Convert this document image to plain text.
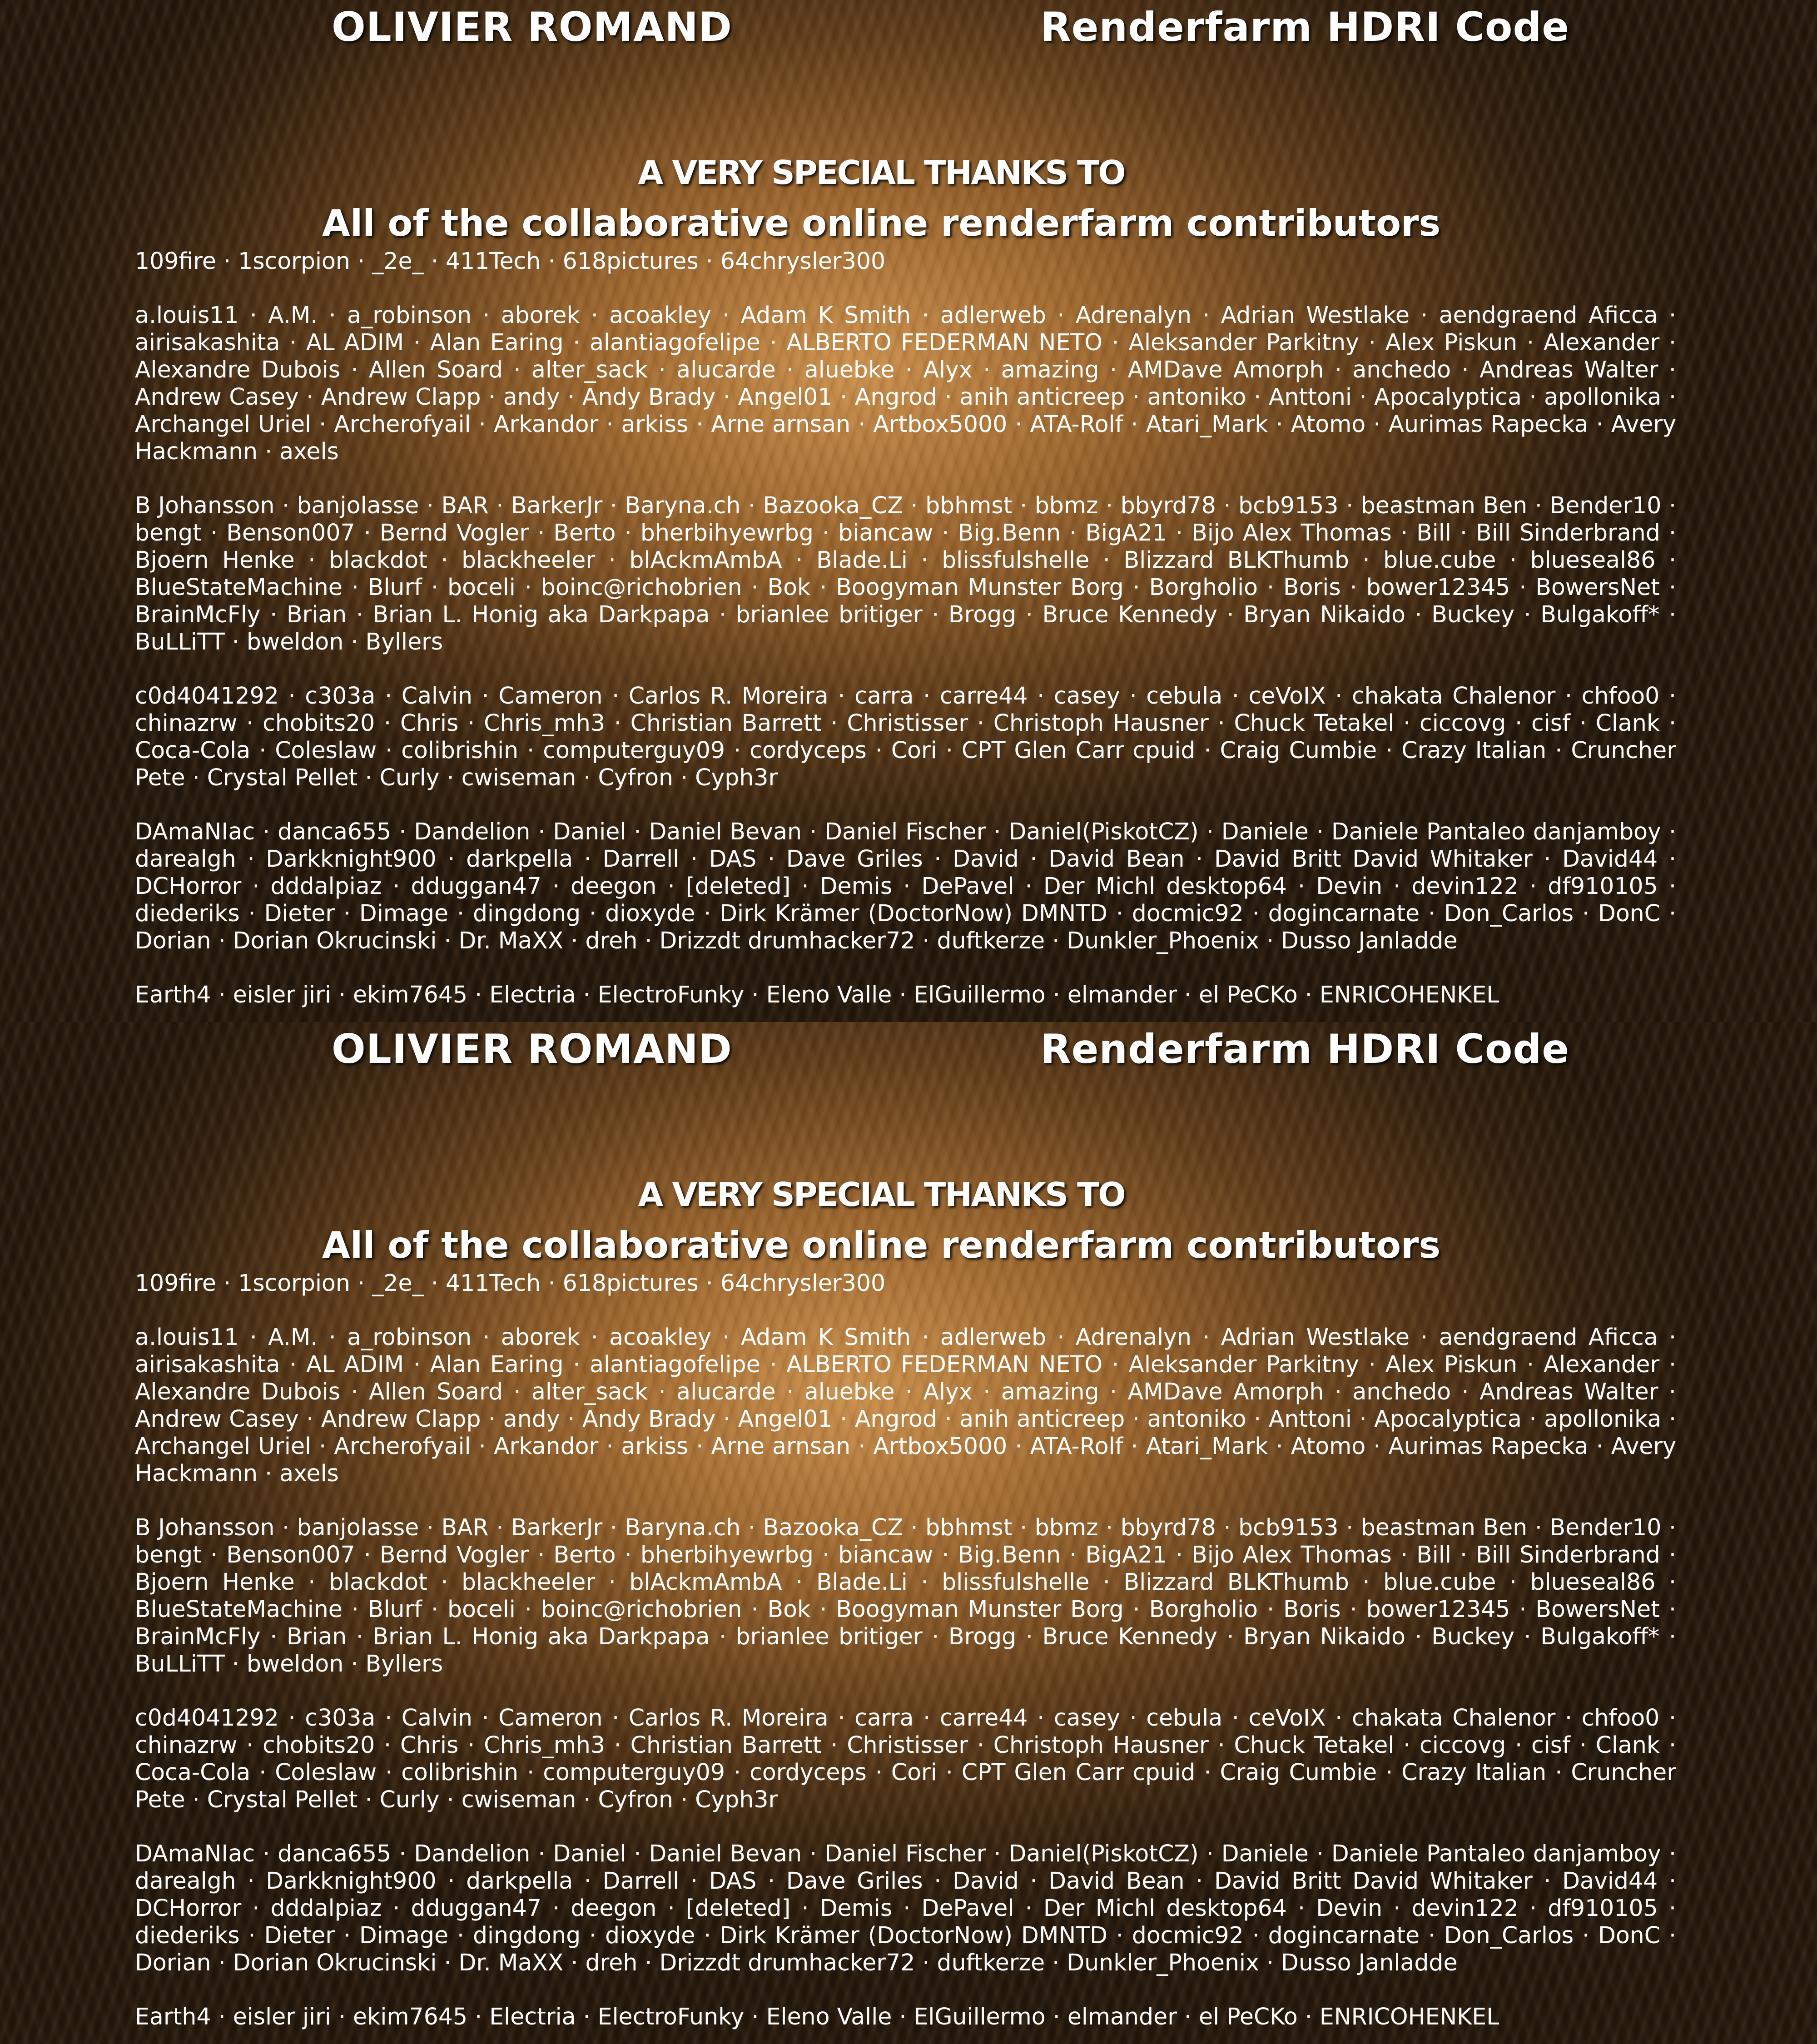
OLIVIER ROMAND	Renderfarm HDRI Code
A VERY SPECIAL THANKS TO
All of the collaborative online renderfarm contributors

109fire · 1scorpion · _2e_ · 411Tech · 618pictures · 64chrysler300

a.louis11 · A.M. · a_robinson · aborek · acoakley · Adam K Smith · adlerweb · Adrenalyn · Adrian Westlake · aendgraend Aficca · airisakashita · AL ADIM · Alan Earing · alantiagofelipe · ALBERTO FEDERMAN NETO · Aleksander Parkitny · Alex Piskun · Alexander · Alexandre Dubois · Allen Soard · alter_sack · alucarde · aluebke · Alyx · amazing · AMDave Amorph · anchedo · Andreas Walter · Andrew Casey · Andrew Clapp · andy · Andy Brady · Angel01 · Angrod · anih anticreep · antoniko · Anttoni · Apocalyptica · apollonika · Archangel Uriel · Archerofyail · Arkandor · arkiss · Arne arnsan · Artbox5000 · ATA-Rolf · Atari_Mark · Atomo · Aurimas Rapecka · Avery Hackmann · axels

B Johansson · banjolasse · BAR · BarkerJr · Baryna.ch · Bazooka_CZ · bbhmst · bbmz · bbyrd78 · bcb9153 · beastman Ben · Bender10 · bengt · Benson007 · Bernd Vogler · Berto · bherbihyewrbg · biancaw · Big.Benn · BigA21 · Bijo Alex Thomas · Bill · Bill Sinderbrand · Bjoern Henke · blackdot · blackheeler · blAckmAmbA · Blade.Li · blissfulshelle · Blizzard BLKThumb · blue.cube · blueseal86 · BlueStateMachine · Blurf · boceli · boinc@richobrien · Bok · Boogyman Munster Borg · Borgholio · Boris · bower12345 · BowersNet · BrainMcFly · Brian · Brian L. Honig aka Darkpapa · brianlee britiger · Brogg · Bruce Kennedy · Bryan Nikaido · Buckey · Bulgakoff* · BuLLiTT · bweldon · Byllers

c0d4041292 · c303a · Calvin · Cameron · Carlos R. Moreira · carra · carre44 · casey · cebula · ceVoIX · chakata Chalenor · chfoo0 · chinazrw · chobits20 · Chris · Chris_mh3 · Christian Barrett · Christisser · Christoph Hausner · Chuck Tetakel · ciccovg · cisf · Clank · Coca-Cola · Coleslaw · colibrishin · computerguy09 · cordyceps · Cori · CPT Glen Carr cpuid · Craig Cumbie · Crazy Italian · Cruncher Pete · Crystal Pellet · Curly · cwiseman · Cyfron · Cyph3r

DAmaNIac · danca655 · Dandelion · Daniel · Daniel Bevan · Daniel Fischer · Daniel(PiskotCZ) · Daniele · Daniele Pantaleo danjamboy · darealgh · Darkknight900 · darkpella · Darrell · DAS · Dave Griles · David · David Bean · David Britt David Whitaker · David44 · DCHorror · dddalpiaz · dduggan47 · deegon · [deleted] · Demis · DePavel · Der Michl desktop64 · Devin · devin122 · df910105 · diederiks · Dieter · Dimage · dingdong · dioxyde · Dirk Krämer (DoctorNow) DMNTD · docmic92 · dogincarnate · Don_Carlos · DonC · Dorian · Dorian Okrucinski · Dr. MaXX · dreh · Drizzdt drumhacker72 · duftkerze · Dunkler_Phoenix · Dusso Janladde

Earth4 · eisler jiri · ekim7645 · Electria · ElectroFunky · Eleno Valle · ElGuillermo · elmander · el PeCKo · ENRICOHENKEL

OLIVIER ROMAND	Renderfarm HDRI Code
A VERY SPECIAL THANKS TO
All of the collaborative online renderfarm contributors

109fire · 1scorpion · _2e_ · 411Tech · 618pictures · 64chrysler300

a.louis11 · A.M. · a_robinson · aborek · acoakley · Adam K Smith · adlerweb · Adrenalyn · Adrian Westlake · aendgraend Aficca · airisakashita · AL ADIM · Alan Earing · alantiagofelipe · ALBERTO FEDERMAN NETO · Aleksander Parkitny · Alex Piskun · Alexander · Alexandre Dubois · Allen Soard · alter_sack · alucarde · aluebke · Alyx · amazing · AMDave Amorph · anchedo · Andreas Walter · Andrew Casey · Andrew Clapp · andy · Andy Brady · Angel01 · Angrod · anih anticreep · antoniko · Anttoni · Apocalyptica · apollonika · Archangel Uriel · Archerofyail · Arkandor · arkiss · Arne arnsan · Artbox5000 · ATA-Rolf · Atari_Mark · Atomo · Aurimas Rapecka · Avery Hackmann · axels

B Johansson · banjolasse · BAR · BarkerJr · Baryna.ch · Bazooka_CZ · bbhmst · bbmz · bbyrd78 · bcb9153 · beastman Ben · Bender10 · bengt · Benson007 · Bernd Vogler · Berto · bherbihyewrbg · biancaw · Big.Benn · BigA21 · Bijo Alex Thomas · Bill · Bill Sinderbrand · Bjoern Henke · blackdot · blackheeler · blAckmAmbA · Blade.Li · blissfulshelle · Blizzard BLKThumb · blue.cube · blueseal86 · BlueStateMachine · Blurf · boceli · boinc@richobrien · Bok · Boogyman Munster Borg · Borgholio · Boris · bower12345 · BowersNet · BrainMcFly · Brian · Brian L. Honig aka Darkpapa · brianlee britiger · Brogg · Bruce Kennedy · Bryan Nikaido · Buckey · Bulgakoff* · BuLLiTT · bweldon · Byllers

c0d4041292 · c303a · Calvin · Cameron · Carlos R. Moreira · carra · carre44 · casey · cebula · ceVoIX · chakata Chalenor · chfoo0 · chinazrw · chobits20 · Chris · Chris_mh3 · Christian Barrett · Christisser · Christoph Hausner · Chuck Tetakel · ciccovg · cisf · Clank · Coca-Cola · Coleslaw · colibrishin · computerguy09 · cordyceps · Cori · CPT Glen Carr cpuid · Craig Cumbie · Crazy Italian · Cruncher Pete · Crystal Pellet · Curly · cwiseman · Cyfron · Cyph3r

DAmaNIac · danca655 · Dandelion · Daniel · Daniel Bevan · Daniel Fischer · Daniel(PiskotCZ) · Daniele · Daniele Pantaleo danjamboy · darealgh · Darkknight900 · darkpella · Darrell · DAS · Dave Griles · David · David Bean · David Britt David Whitaker · David44 · DCHorror · dddalpiaz · dduggan47 · deegon · [deleted] · Demis · DePavel · Der Michl desktop64 · Devin · devin122 · df910105 · diederiks · Dieter · Dimage · dingdong · dioxyde · Dirk Krämer (DoctorNow) DMNTD · docmic92 · dogincarnate · Don_Carlos · DonC · Dorian · Dorian Okrucinski · Dr. MaXX · dreh · Drizzdt drumhacker72 · duftkerze · Dunkler_Phoenix · Dusso Janladde

Earth4 · eisler jiri · ekim7645 · Electria · ElectroFunky · Eleno Valle · ElGuillermo · elmander · el PeCKo · ENRICOHENKEL
